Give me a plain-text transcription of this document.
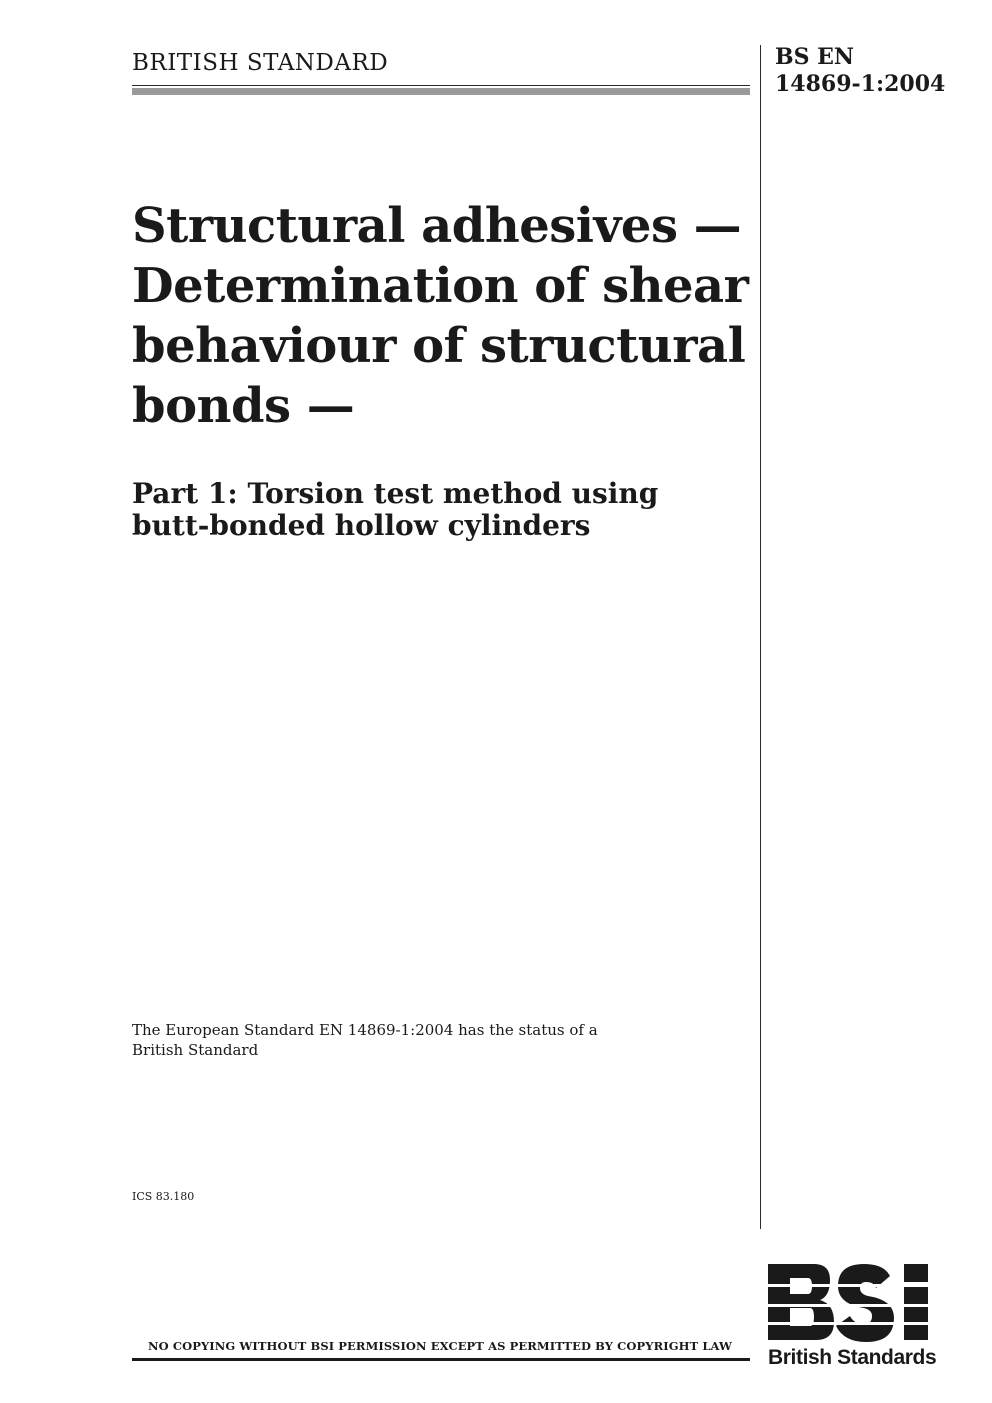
BRITISH STANDARD	BS EN
14869-1:2004
Structural adhesives —
Determination of shear
behaviour of structural
bonds —
Part 1: Torsion test method using
butt-bonded hollow cylinders
The European Standard EN 14869-1:2004 has the status of a
British Standard
ICS 83.180
NO COPYING WITHOUT BSI PERMISSION EXCEPT AS PERMITTED BY COPYRIGHT LAW British Standards
